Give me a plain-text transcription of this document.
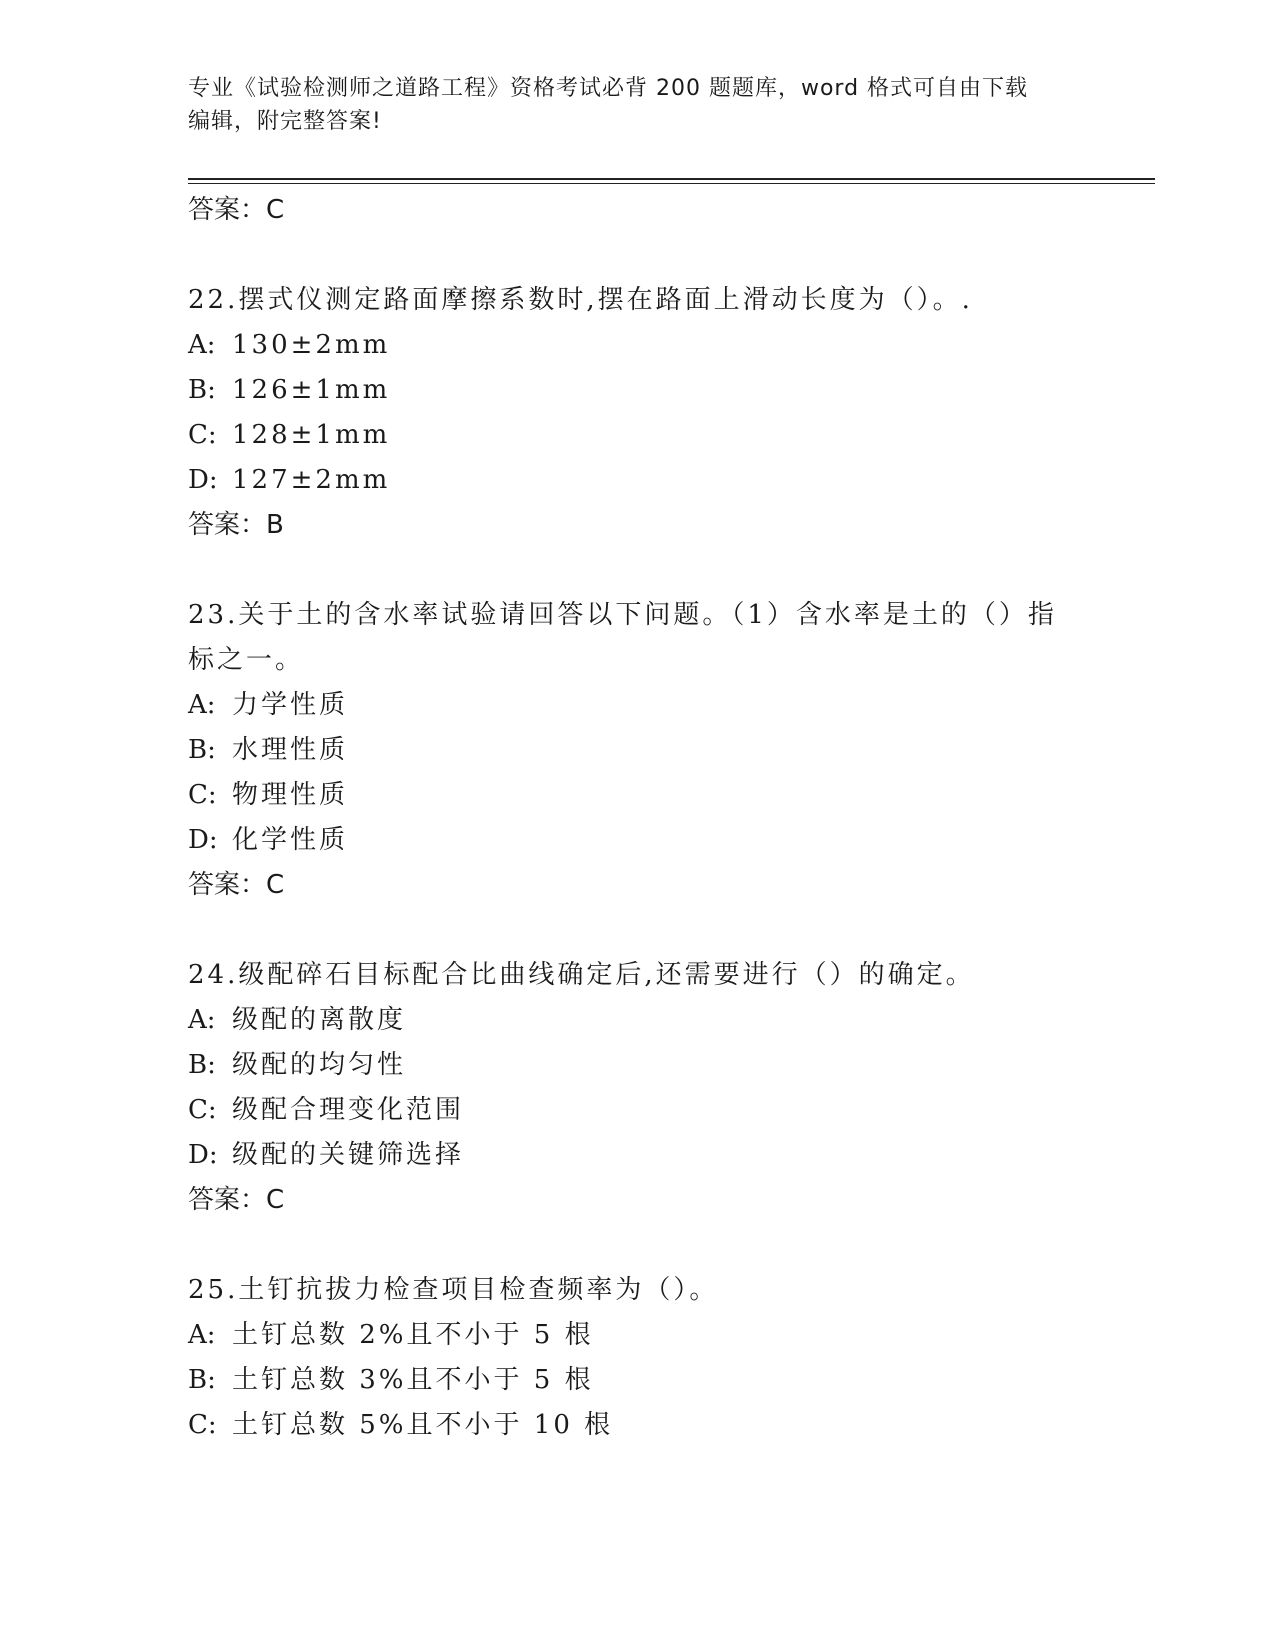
专业《试验检测师之道路工程》资格考试必背 200 题题库，word 格式可自由下载
编辑，附完整答案!
答案：C
22.摆式仪测定路面摩擦系数时,摆在路面上滑动长度为（）。.
A: 130±2mm
B: 126±1mm
C: 128±1mm
D: 127±2mm
答案：B
23.关于土的含水率试验请回答以下问题。（1）含水率是土的（）指
标之一。
A: 力学性质
B: 水理性质
C: 物理性质
D: 化学性质
答案：C
24.级配碎石目标配合比曲线确定后,还需要进行（）的确定。
A: 级配的离散度
B: 级配的均匀性
C: 级配合理变化范围
D: 级配的关键筛选择
答案：C
25.土钉抗拔力检查项目检查频率为（）。
A: 土钉总数 2%且不小于 5 根
B: 土钉总数 3%且不小于 5 根
C: 土钉总数 5%且不小于 10 根
